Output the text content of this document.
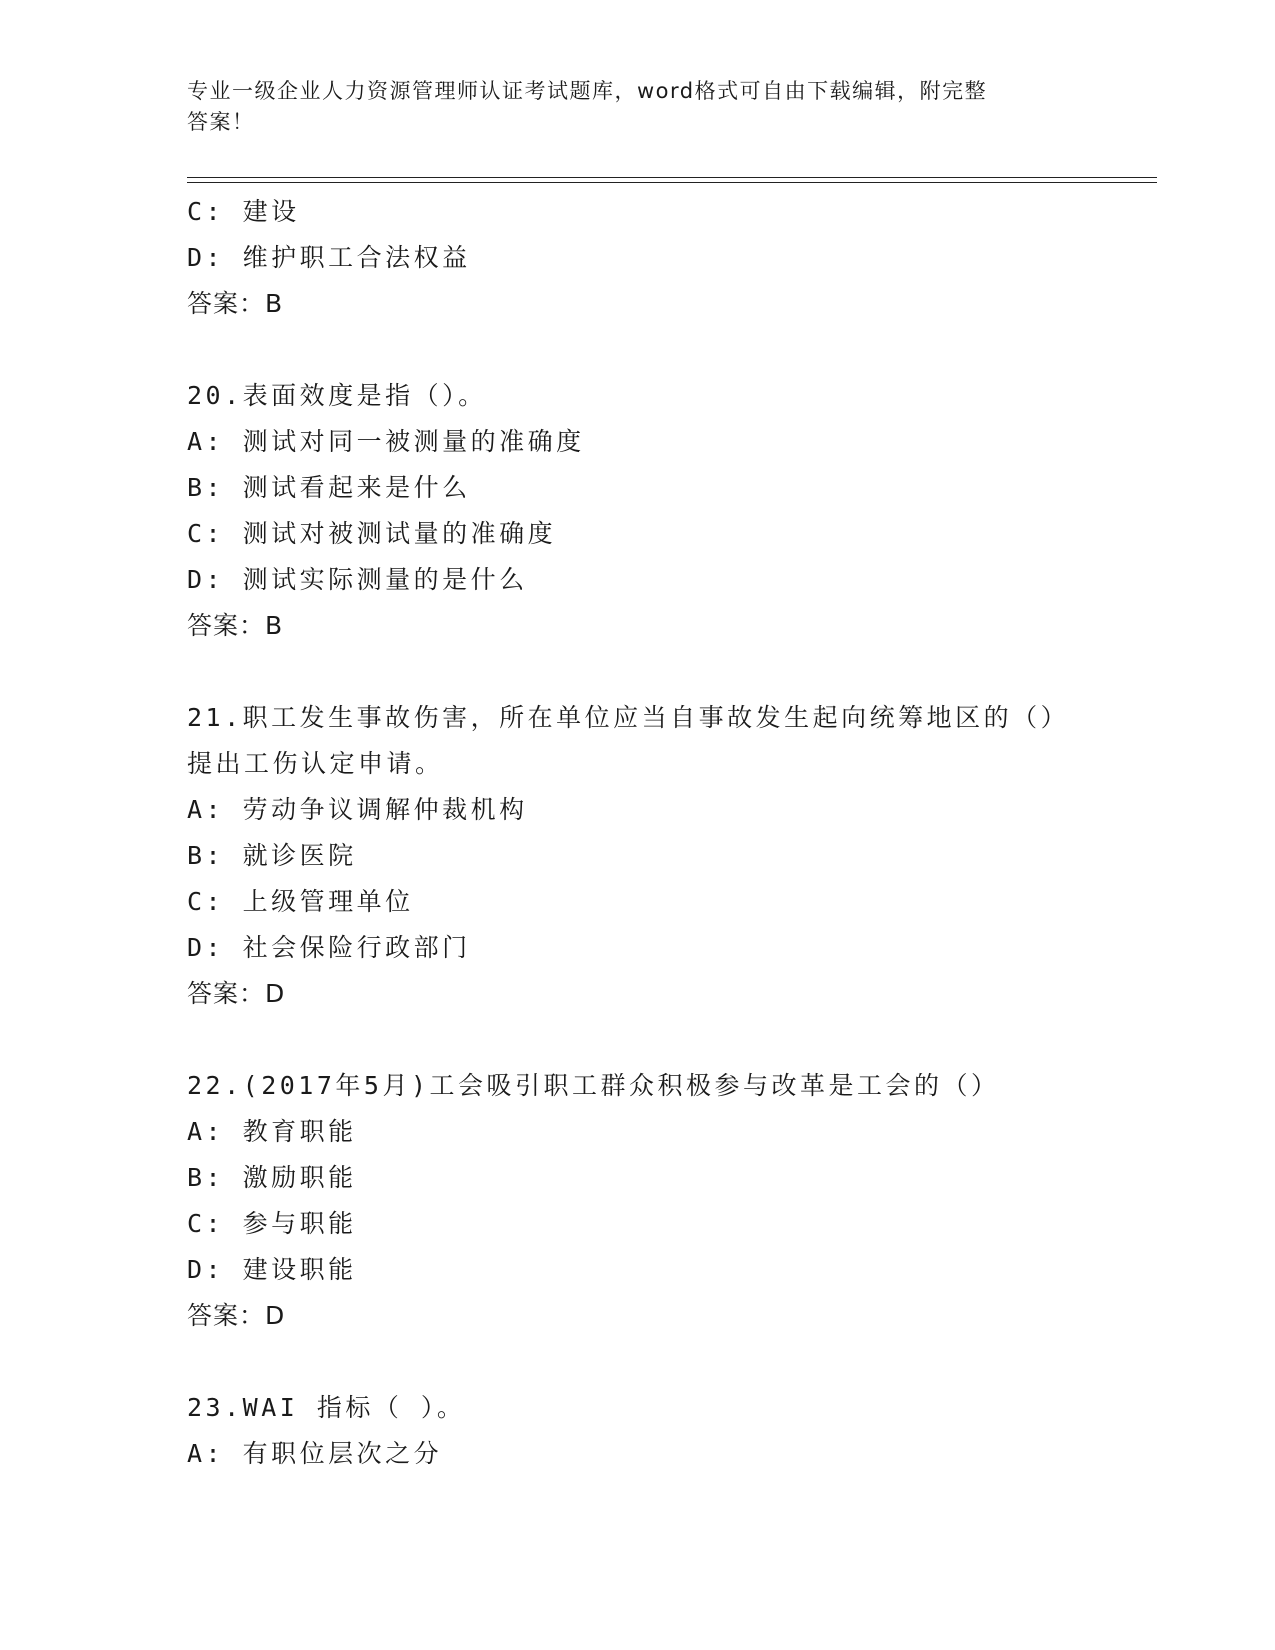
专业一级企业人力资源管理师认证考试题库，word格式可自由下载编辑，附完整
答案！
C: 建设
D: 维护职工合法权益
答案：B
20.表面效度是指（）。
A: 测试对同一被测量的准确度
B: 测试看起来是什么
C: 测试对被测试量的准确度
D: 测试实际测量的是什么
答案：B
21.职工发生事故伤害，所在单位应当自事故发生起向统筹地区的（）
提出工伤认定申请。
A: 劳动争议调解仲裁机构
B: 就诊医院
C: 上级管理单位
D: 社会保险行政部门
答案：D
22.(2017年5月)工会吸引职工群众积极参与改革是工会的（）
A: 教育职能
B: 激励职能
C: 参与职能
D: 建设职能
答案：D
23.WAI 指标（ ）。
A: 有职位层次之分
